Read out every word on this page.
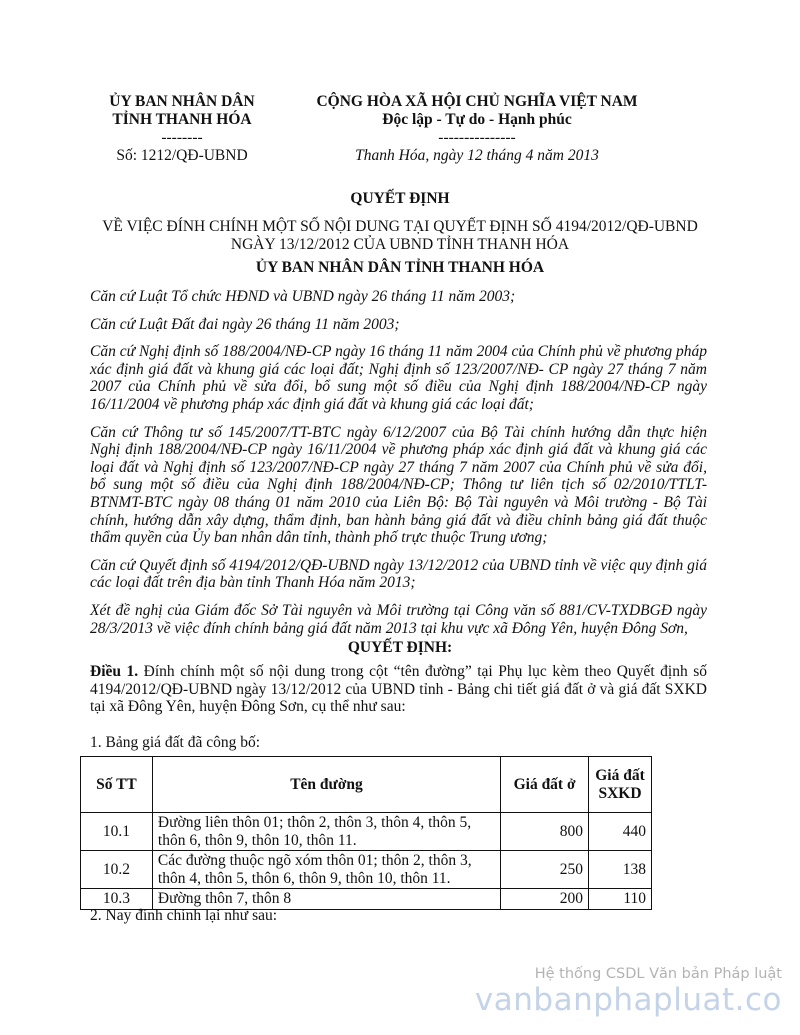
ỦY BAN NHÂN DÂN
TỈNH THANH HÓA
--------
Số: 1212/QĐ-UBND
CỘNG HÒA XÃ HỘI CHỦ NGHĨA VIỆT NAM
Độc lập - Tự do - Hạnh phúc
---------------
Thanh Hóa, ngày 12 tháng 4 năm 2013
QUYẾT ĐỊNH
VỀ VIỆC ĐÍNH CHÍNH MỘT SỐ NỘI DUNG TẠI QUYẾT ĐỊNH SỐ 4194/2012/QĐ-UBND
NGÀY 13/12/2012 CỦA UBND TỈNH THANH HÓA
ỦY BAN NHÂN DÂN TỈNH THANH HÓA

Căn cứ Luật Tổ chức HĐND và UBND ngày 26 tháng 11 năm 2003;

Căn cứ Luật Đất đai ngày 26 tháng 11 năm 2003;

Căn cứ Nghị định số 188/2004/NĐ-CP ngày 16 tháng 11 năm 2004 của Chính phủ về phương pháp xác định giá đất và khung giá các loại đất; Nghị định số 123/2007/NĐ- CP ngày 27 tháng 7 năm 2007 của Chính phủ về sửa đổi, bổ sung một số điều của Nghị định 188/2004/NĐ-CP ngày 16/11/2004 về phương pháp xác định giá đất và khung giá các loại đất;

Căn cứ Thông tư số 145/2007/TT-BTC ngày 6/12/2007 của Bộ Tài chính hướng dẫn thực hiện Nghị định 188/2004/NĐ-CP ngày 16/11/2004 về phương pháp xác định giá đất và khung giá các loại đất và Nghị định số 123/2007/NĐ-CP ngày 27 tháng 7 năm 2007 của Chính phủ về sửa đổi, bổ sung một số điều của Nghị định 188/2004/NĐ-CP; Thông tư liên tịch số 02/2010/TTLT-BTNMT-BTC ngày 08 tháng 01 năm 2010 của Liên Bộ: Bộ Tài nguyên và Môi trường - Bộ Tài chính, hướng dẫn xây dựng, thẩm định, ban hành bảng giá đất và điều chỉnh bảng giá đất thuộc thẩm quyền của Ủy ban nhân dân tỉnh, thành phố trực thuộc Trung ương;

Căn cứ Quyết định số 4194/2012/QĐ-UBND ngày 13/12/2012 của UBND tỉnh về việc quy định giá các loại đất trên địa bàn tỉnh Thanh Hóa năm 2013;

Xét đề nghị của Giám đốc Sở Tài nguyên và Môi trường tại Công văn số 881/CV-TXDBGĐ ngày 28/3/2013 về việc đính chính bảng giá đất năm 2013 tại khu vực xã Đông Yên, huyện Đông Sơn,

QUYẾT ĐỊNH:

Điều 1. Đính chính một số nội dung trong cột “tên đường” tại Phụ lục kèm theo Quyết định số 4194/2012/QĐ-UBND ngày 13/12/2012 của UBND tỉnh - Bảng chi tiết giá đất ở và giá đất SXKD tại xã Đông Yên, huyện Đông Sơn, cụ thể như sau:

1. Bảng giá đất đã công bố:
Số TT	Tên đường	Giá đất ở	Giá đất SXKD
10.1	Đường liên thôn 01; thôn 2, thôn 3, thôn 4, thôn 5, thôn 6, thôn 9, thôn 10, thôn 11.	800	440
10.2	Các đường thuộc ngõ xóm thôn 01; thôn 2, thôn 3, thôn 4, thôn 5, thôn 6, thôn 9, thôn 10, thôn 11.	250	138
10.3	Đường thôn 7, thôn 8	200	110
2. Nay đính chính lại như sau:
Hệ thống CSDL Văn bản Pháp luật
vanbanphapluat.co
